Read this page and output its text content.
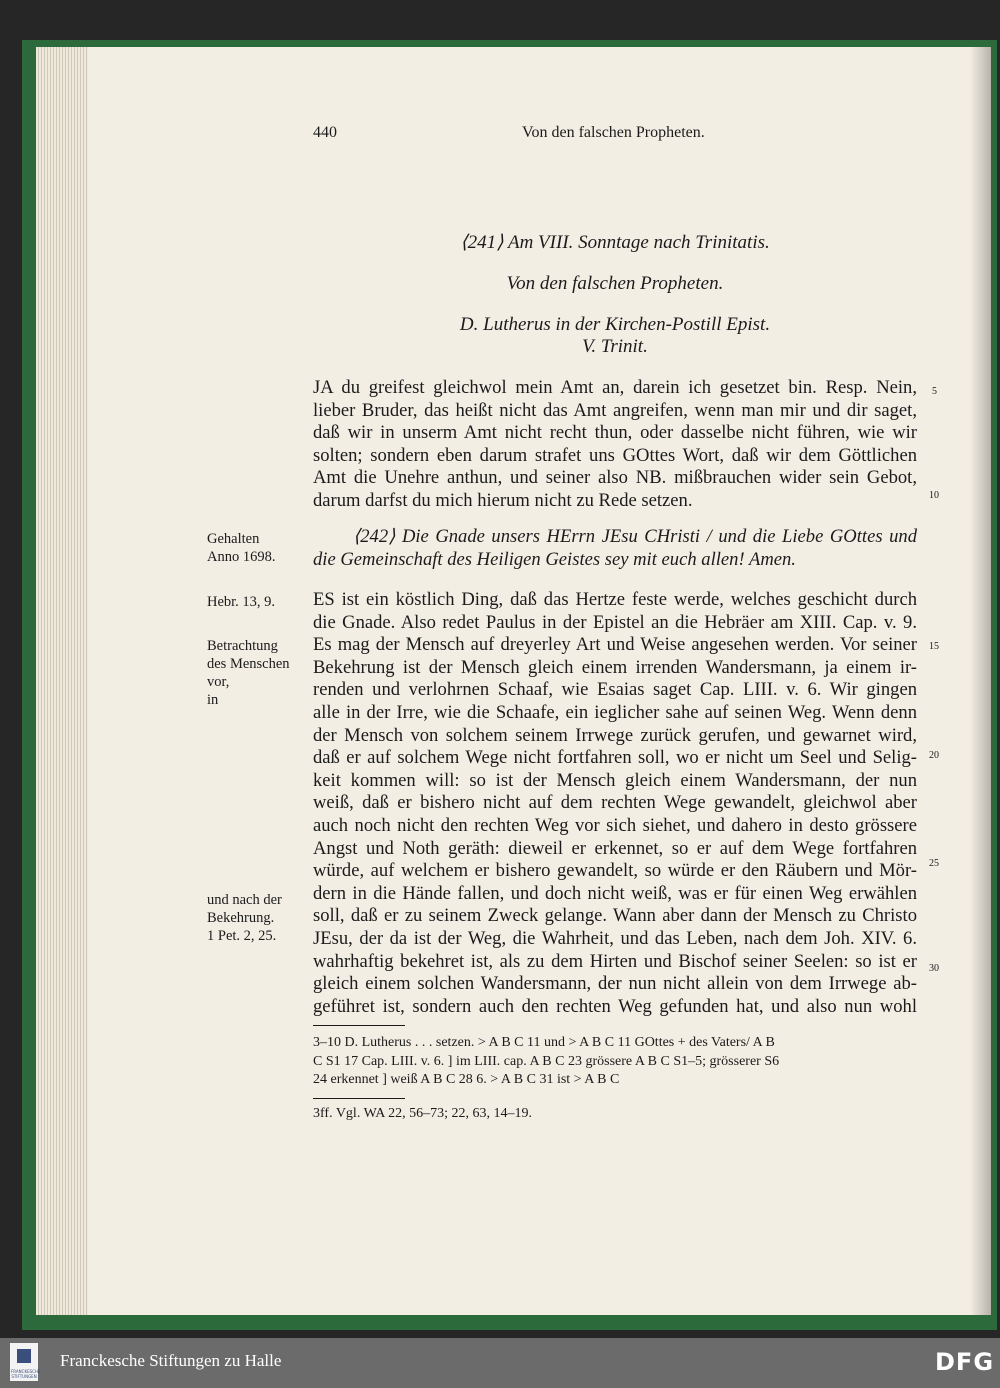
440	Von den falschen Propheten.
⟨241⟩ Am VIII. Sonntage nach Trinitatis.
Von den falschen Propheten.
D. Lutherus in der Kirchen-Postill Epist.
V. Trinit.
JA du greifest gleichwol mein Amt an, darein ich gesetzet bin. Resp. Nein,
lieber Bruder, das heißt nicht das Amt angreifen, wenn man mir und dir saget,
daß wir in unserm Amt nicht recht thun, oder dasselbe nicht führen, wie wir
solten; sondern eben darum strafet uns GOttes Wort, daß wir dem Göttlichen
Amt die Unehre anthun, und seiner also NB. mißbrauchen wider sein Gebot,
darum darfst du mich hierum nicht zu Rede setzen.
⟨242⟩ Die Gnade unsers HErrn JEsu CHristi / und die Liebe GOttes und
die Gemeinschaft des Heiligen Geistes sey mit euch allen! Amen.
ES ist ein köstlich Ding, daß das Hertze feste werde, welches geschicht durch
die Gnade. Also redet Paulus in der Epistel an die Hebräer am XIII. Cap. v. 9.
Es mag der Mensch auf dreyerley Art und Weise angesehen werden. Vor seiner
Bekehrung ist der Mensch gleich einem irrenden Wandersmann, ja einem ir-
renden und verlohrnen Schaaf, wie Esaias saget Cap. LIII. v. 6. Wir gingen
alle in der Irre, wie die Schaafe, ein ieglicher sahe auf seinen Weg. Wenn denn
der Mensch von solchem seinem Irrwege zurück gerufen, und gewarnet wird,
daß er auf solchem Wege nicht fortfahren soll, wo er nicht um Seel und Selig-
keit kommen will: so ist der Mensch gleich einem Wandersmann, der nun
weiß, daß er bishero nicht auf dem rechten Wege gewandelt, gleichwol aber
auch noch nicht den rechten Weg vor sich siehet, und dahero in desto grössere
Angst und Noth geräth: dieweil er erkennet, so er auf dem Wege fortfahren
würde, auf welchem er bishero gewandelt, so würde er den Räubern und Mör-
dern in die Hände fallen, und doch nicht weiß, was er für einen Weg erwählen
soll, daß er zu seinem Zweck gelange. Wann aber dann der Mensch zu Christo
JEsu, der da ist der Weg, die Wahrheit, und das Leben, nach dem Joh. XIV. 6.
wahrhaftig bekehret ist, als zu dem Hirten und Bischof seiner Seelen: so ist er
gleich einem solchen Wandersmann, der nun nicht allein von dem Irrwege ab-
geführet ist, sondern auch den rechten Weg gefunden hat, und also nun wohl
5
10
15
20
25
30
Gehalten
Anno 1698.
Hebr. 13, 9.
Betrachtung
des Menschen
vor,
in
und nach der
Bekehrung.
1 Pet. 2, 25.
3–10 D. Lutherus . . . setzen. > A B C 11 und > A B C 11 GOttes + des Vaters/ A B
C S1 17 Cap. LIII. v. 6. ] im LIII. cap. A B C 23 grössere A B C S1–5; grösserer S6
24 erkennet ] weiß A B C 28 6. > A B C 31 ist > A B C
3ff. Vgl. WA 22, 56–73; 22, 63, 14–19.
FRANCKESCHE STIFTUNGEN
Franckesche Stiftungen zu Halle	DFG
